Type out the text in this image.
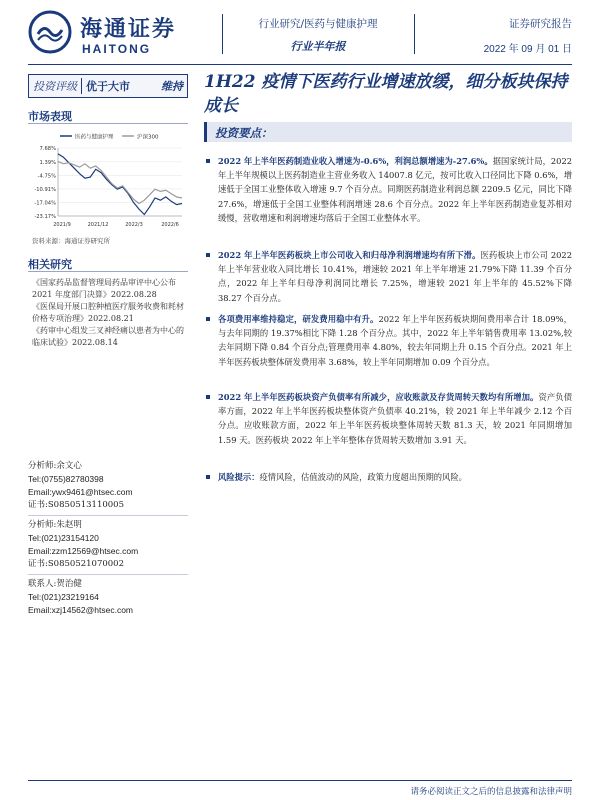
海通证券
HAITONG
行业研究/医药与健康护理
行业半年报
证券研究报告
2022 年 09 月 01 日
投资评级 优于大市	维持
市场表现
医药与健康护理	沪深300
7.68%
1.39%
-4.75%
-10.91%
-17.04%
-23.17%
2021/9	2021/12	2022/3	2022/6
资料来源：海通证券研究所
相关研究
《国家药品监督管理局药品审评中心公布 2021 年度部门决算》2022.08.28
《医保局开展口腔种植医疗服务收费和耗材价格专项治理》2022.08.21
《药审中心组发三叉神经痛以患者为中心的临床试验》2022.08.14
分析师:余文心
Tel:(0755)82780398
Email:ywx9461@htsec.com
证书:S0850513110005
分析师:朱赵明
Tel:(021)23154120
Email:zzm12569@htsec.com
证书:S0850521070002
联系人:贺治健
Tel:(021)23219164
Email:xzj14562@htsec.com
1H22 疫情下医药行业增速放缓，细分板块保持成长
投资要点：
2022 年上半年医药制造业收入增速为-0.6%，利润总额增速为-27.6%。据国家统计局，2022 年上半年规模以上医药制造业主营业务收入 14007.8 亿元，按可比收入口径同比下降 0.6%，增速低于全国工业整体收入增速 9.7 个百分点。同期医药制造业利润总额 2209.5 亿元，同比下降 27.6%，增速低于全国工业整体利润增速 28.6 个百分点。2022 年上半年医药制造业复苏相对缓慢，营收增速和利润增速均落后于全国工业整体水平。
2022 年上半年医药板块上市公司收入和归母净利润增速均有所下滑。医药板块上市公司 2022 年上半年营业收入同比增长 10.41%，增速较 2021 年上半年增速 21.79%下降 11.39 个百分点，2022 年上半年归母净利润同比增长 7.25%，增速较 2021 年上半年的 45.52%下降 38.27 个百分点。
各项费用率维持稳定，研发费用稳中有升。2022 年上半年医药板块期间费用率合计 18.09%，与去年同期的 19.37%相比下降 1.28 个百分点。其中，2022 年上半年销售费用率 13.02%,较去年同期下降 0.84 个百分点;管理费用率 4.80%，较去年同期上升 0.15 个百分点。2021 年上半年医药板块整体研发费用率 3.68%，较上半年同期增加 0.09 个百分点。
2022 年上半年医药板块资产负债率有所减少，应收账款及存货周转天数均有所增加。资产负债率方面，2022 年上半年医药板块整体资产负债率 40.21%，较 2021 年上半年减少 2.12 个百分点。应收账款方面，2022 年上半年医药板块整体周转天数 81.3 天，较 2021 年同期增加 1.59 天。医药板块 2022 年上半年整体存货周转天数增加 3.91 天。
风险提示：疫情风险，估值波动的风险，政策力度超出预期的风险。
请务必阅读正文之后的信息披露和法律声明
